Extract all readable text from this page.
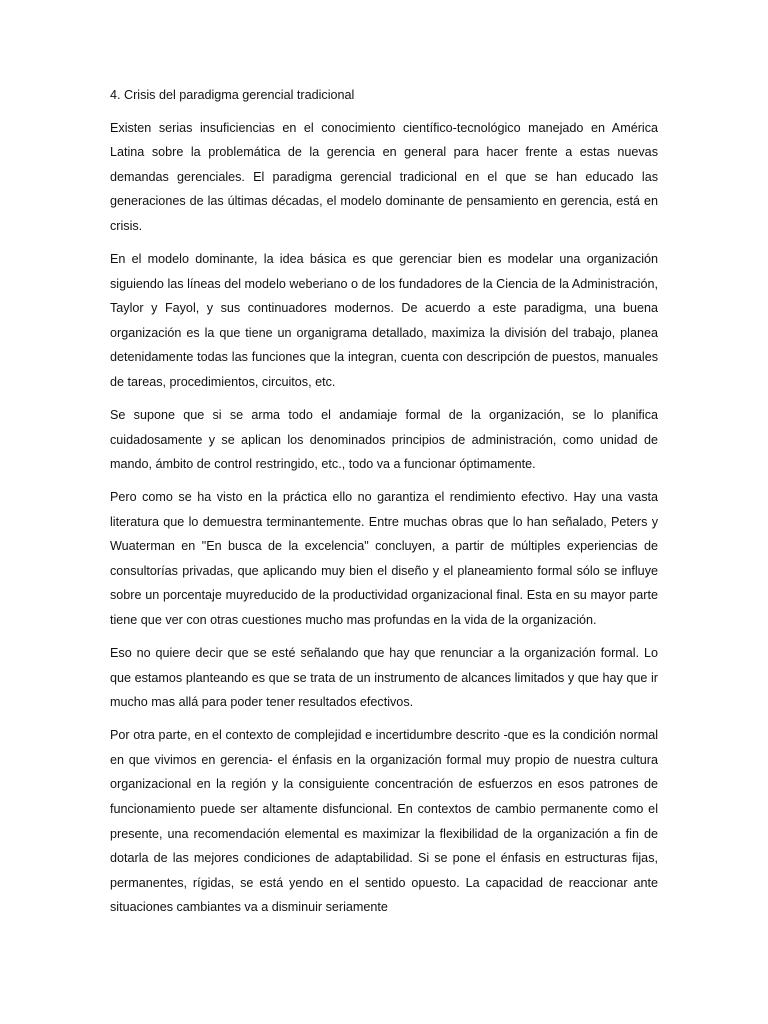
4. Crisis del paradigma gerencial tradicional

Existen serias insuficiencias en el conocimiento científico-tecnológico manejado en América Latina sobre la problemática de la gerencia en general para hacer frente a estas nuevas demandas gerenciales. El paradigma gerencial tradicional en el que se han educado las generaciones de las últimas décadas, el modelo dominante de pensamiento en gerencia, está en crisis.

En el modelo dominante, la idea básica es que gerenciar bien es modelar una organización siguiendo las líneas del modelo weberiano o de los fundadores de la Ciencia de la Administración, Taylor y Fayol, y sus continuadores modernos. De acuerdo a este paradigma, una buena organización es la que tiene un organigrama detallado, maximiza la división del trabajo, planea detenidamente todas las funciones que la integran, cuenta con descripción de puestos, manuales de tareas, procedimientos, circuitos, etc.

Se supone que si se arma todo el andamiaje formal de la organización, se lo planifica cuidadosamente y se aplican los denominados principios de administración, como unidad de mando, ámbito de control restringido, etc., todo va a funcionar óptimamente.

Pero como se ha visto en la práctica ello no garantiza el rendimiento efectivo. Hay una vasta literatura que lo demuestra terminantemente. Entre muchas obras que lo han señalado, Peters y Wuaterman en "En busca de la excelencia" concluyen, a partir de múltiples experiencias de consultorías privadas, que aplicando muy bien el diseño y el planeamiento formal sólo se influye sobre un porcentaje muyreducido de la productividad organizacional final. Esta en su mayor parte tiene que ver con otras cuestiones mucho mas profundas en la vida de la organización.

Eso no quiere decir que se esté señalando que hay que renunciar a la organización formal. Lo que estamos planteando es que se trata de un instrumento de alcances limitados y que hay que ir mucho mas allá para poder tener resultados efectivos.

Por otra parte, en el contexto de complejidad e incertidumbre descrito -que es la condición normal en que vivimos en gerencia- el énfasis en la organización formal muy propio de nuestra cultura organizacional en la región y la consiguiente concentración de esfuerzos en esos patrones de funcionamiento puede ser altamente disfuncional. En contextos de cambio permanente como el presente, una recomendación elemental es maximizar la flexibilidad de la organización a fin de dotarla de las mejores condiciones de adaptabilidad. Si se pone el énfasis en estructuras fijas, permanentes, rígidas, se está yendo en el sentido opuesto. La capacidad de reaccionar ante situaciones cambiantes va a disminuir seriamente
